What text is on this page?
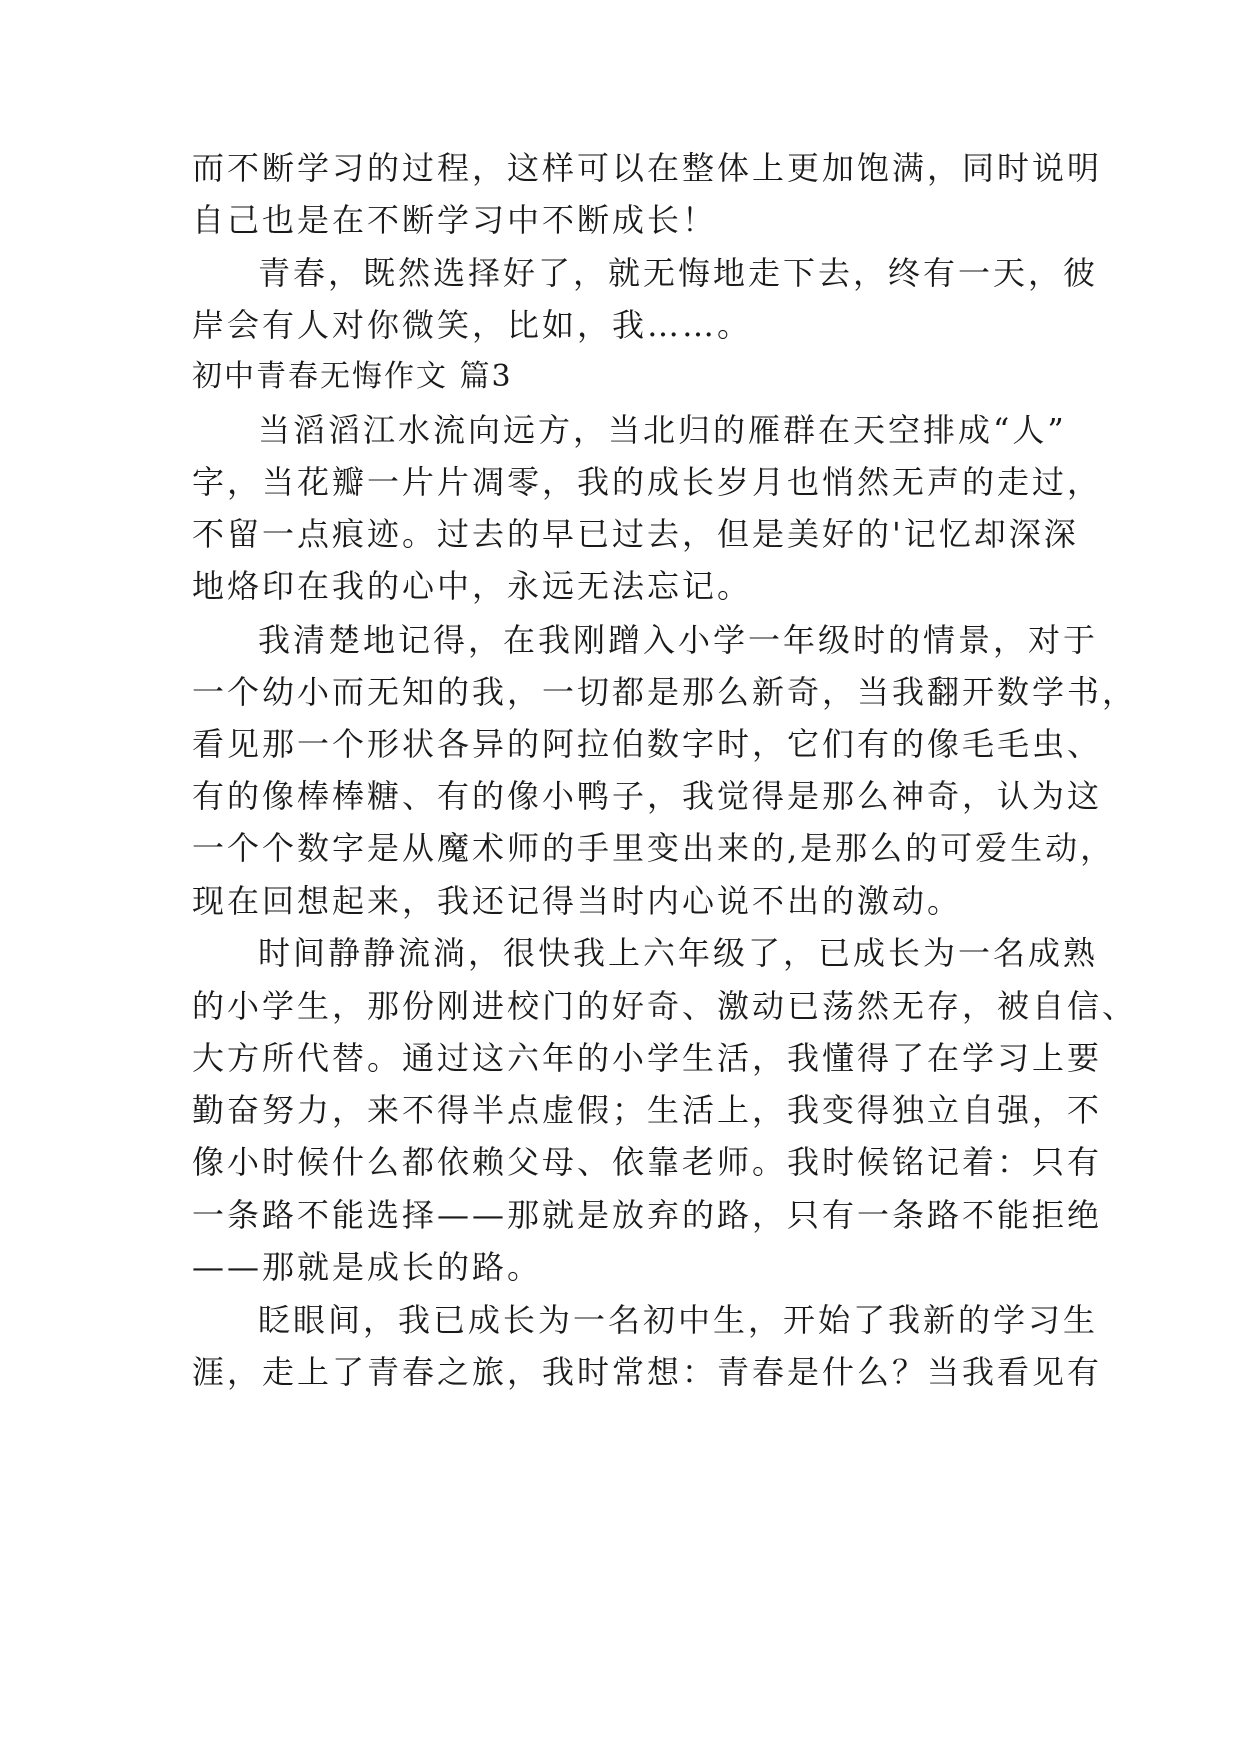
而不断学习的过程，这样可以在整体上更加饱满，同时说明

自己也是在不断学习中不断成长！

青春，既然选择好了，就无悔地走下去，终有一天，彼

岸会有人对你微笑，比如，我……。

初中青春无悔作文 篇3

当滔滔江水流向远方，当北归的雁群在天空排成“人”

字，当花瓣一片片凋零，我的成长岁月也悄然无声的走过，

不留一点痕迹。过去的早已过去，但是美好的'记忆却深深

地烙印在我的心中，永远无法忘记。

我清楚地记得，在我刚蹭入小学一年级时的情景，对于

一个幼小而无知的我，一切都是那么新奇，当我翻开数学书，

看见那一个形状各异的阿拉伯数字时，它们有的像毛毛虫、

有的像棒棒糖、有的像小鸭子，我觉得是那么神奇，认为这

一个个数字是从魔术师的手里变出来的,是那么的可爱生动，

现在回想起来，我还记得当时内心说不出的激动。

时间静静流淌，很快我上六年级了，已成长为一名成熟

的小学生，那份刚进校门的好奇、激动已荡然无存，被自信、

大方所代替。通过这六年的小学生活，我懂得了在学习上要

勤奋努力，来不得半点虚假；生活上，我变得独立自强，不

像小时候什么都依赖父母、依靠老师。我时候铭记着：只有

一条路不能选择——那就是放弃的路，只有一条路不能拒绝

——那就是成长的路。

眨眼间，我已成长为一名初中生，开始了我新的学习生

涯，走上了青春之旅，我时常想：青春是什么？当我看见有
